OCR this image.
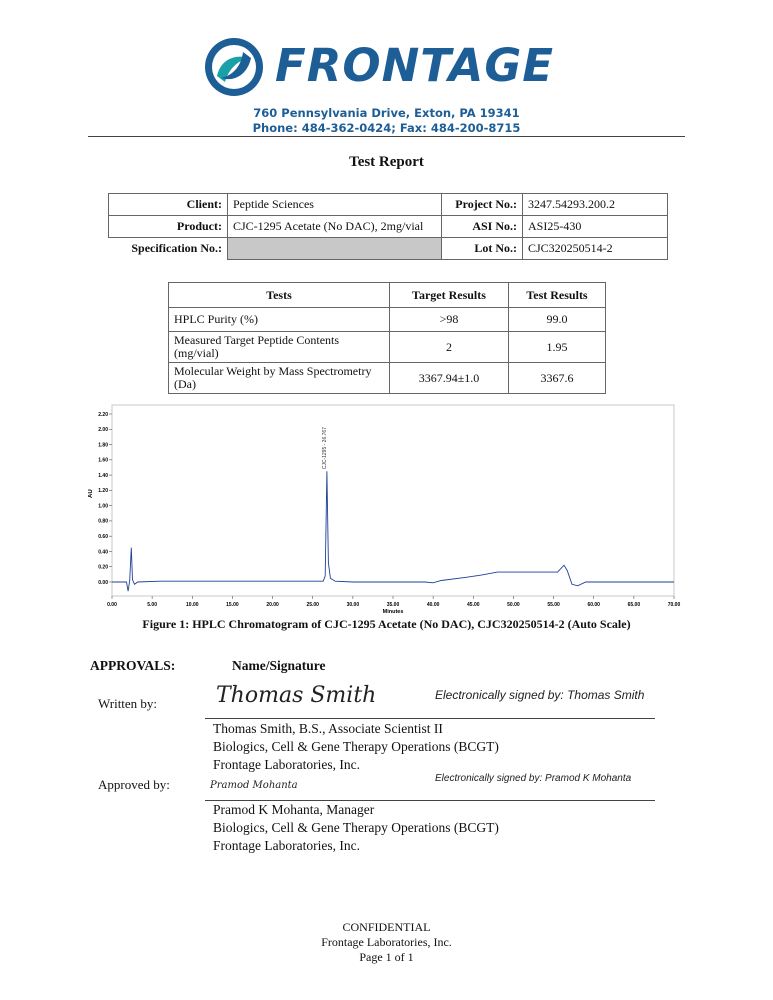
FRONTAGE
760 Pennsylvania Drive, Exton, PA 19341
Phone: 484-362-0424; Fax: 484-200-8715
Test Report
Client:	Peptide Sciences	Project No.:	3247.54293.200.2
Product:	CJC-1295 Acetate (No DAC), 2mg/vial	ASI No.:	ASI25-430
Specification No.:		Lot No.:	CJC320250514-2
Tests	Target Results	Test Results
HPLC Purity (%)	>98	99.0
Measured Target Peptide Contents (mg/vial)	2	1.95
Molecular Weight by Mass Spectrometry (Da)	3367.94±1.0	3367.6
0.00
0.20
0.40
0.60
0.80
1.00
1.20
1.40
1.60
1.80
2.00
2.20
0.00	5.00	10.00	15.00	20.00	25.00	30.00	35.00	40.00	45.00	50.00	55.00	60.00	65.00	70.00
CJC-1295 - 26.767
AU
Minutes
Figure 1: HPLC Chromatogram of CJC-1295 Acetate (No DAC), CJC320250514-2 (Auto Scale)
APPROVALS:	Name/Signature
Written by:	Thomas Smith	Electronically signed by: Thomas Smith
Thomas Smith, B.S., Associate Scientist II
Biologics, Cell & Gene Therapy Operations (BCGT)
Frontage Laboratories, Inc.
Approved by:	Pramod Mohanta
Electronically signed by: Pramod K Mohanta
Pramod K Mohanta, Manager
Biologics, Cell & Gene Therapy Operations (BCGT)
Frontage Laboratories, Inc.
CONFIDENTIAL
Frontage Laboratories, Inc.
Page 1 of 1
